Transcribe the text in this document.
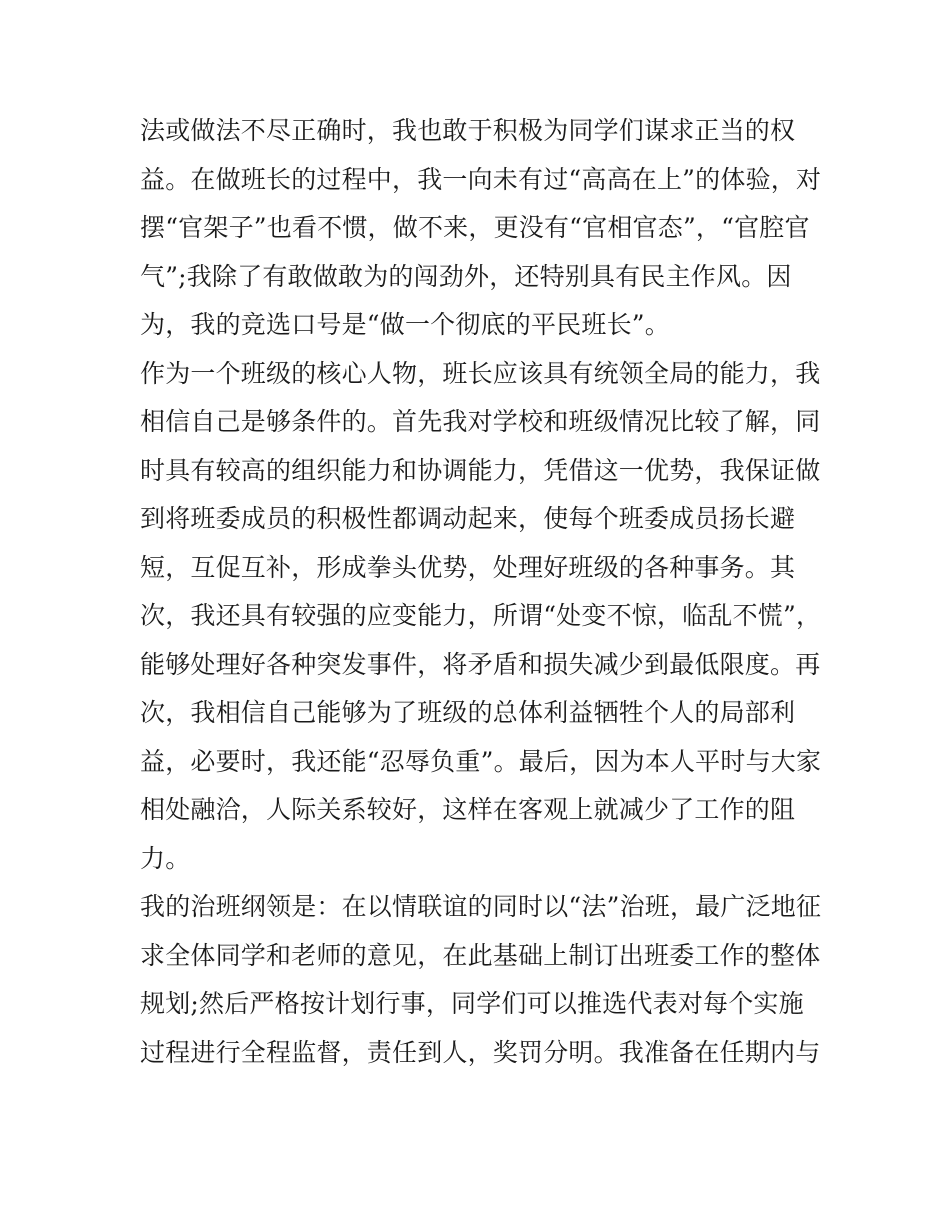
法或做法不尽正确时，我也敢于积极为同学们谋求正当的权
益。在做班长的过程中，我一向未有过“高高在上”的体验，对
摆“官架子”也看不惯，做不来，更没有“官相官态”，“官腔官
气”;我除了有敢做敢为的闯劲外，还特别具有民主作风。因
为，我的竞选口号是“做一个彻底的平民班长”。
作为一个班级的核心人物，班长应该具有统领全局的能力，我
相信自己是够条件的。首先我对学校和班级情况比较了解，同
时具有较高的组织能力和协调能力，凭借这一优势，我保证做
到将班委成员的积极性都调动起来，使每个班委成员扬长避
短，互促互补，形成拳头优势，处理好班级的各种事务。其
次，我还具有较强的应变能力，所谓“处变不惊，临乱不慌”，
能够处理好各种突发事件，将矛盾和损失减少到最低限度。再
次，我相信自己能够为了班级的总体利益牺牲个人的局部利
益，必要时，我还能“忍辱负重”。最后，因为本人平时与大家
相处融洽，人际关系较好，这样在客观上就减少了工作的阻
力。
我的治班纲领是：在以情联谊的同时以“法”治班，最广泛地征
求全体同学和老师的意见，在此基础上制订出班委工作的整体
规划;然后严格按计划行事，同学们可以推选代表对每个实施
过程进行全程监督，责任到人，奖罚分明。我准备在任期内与
